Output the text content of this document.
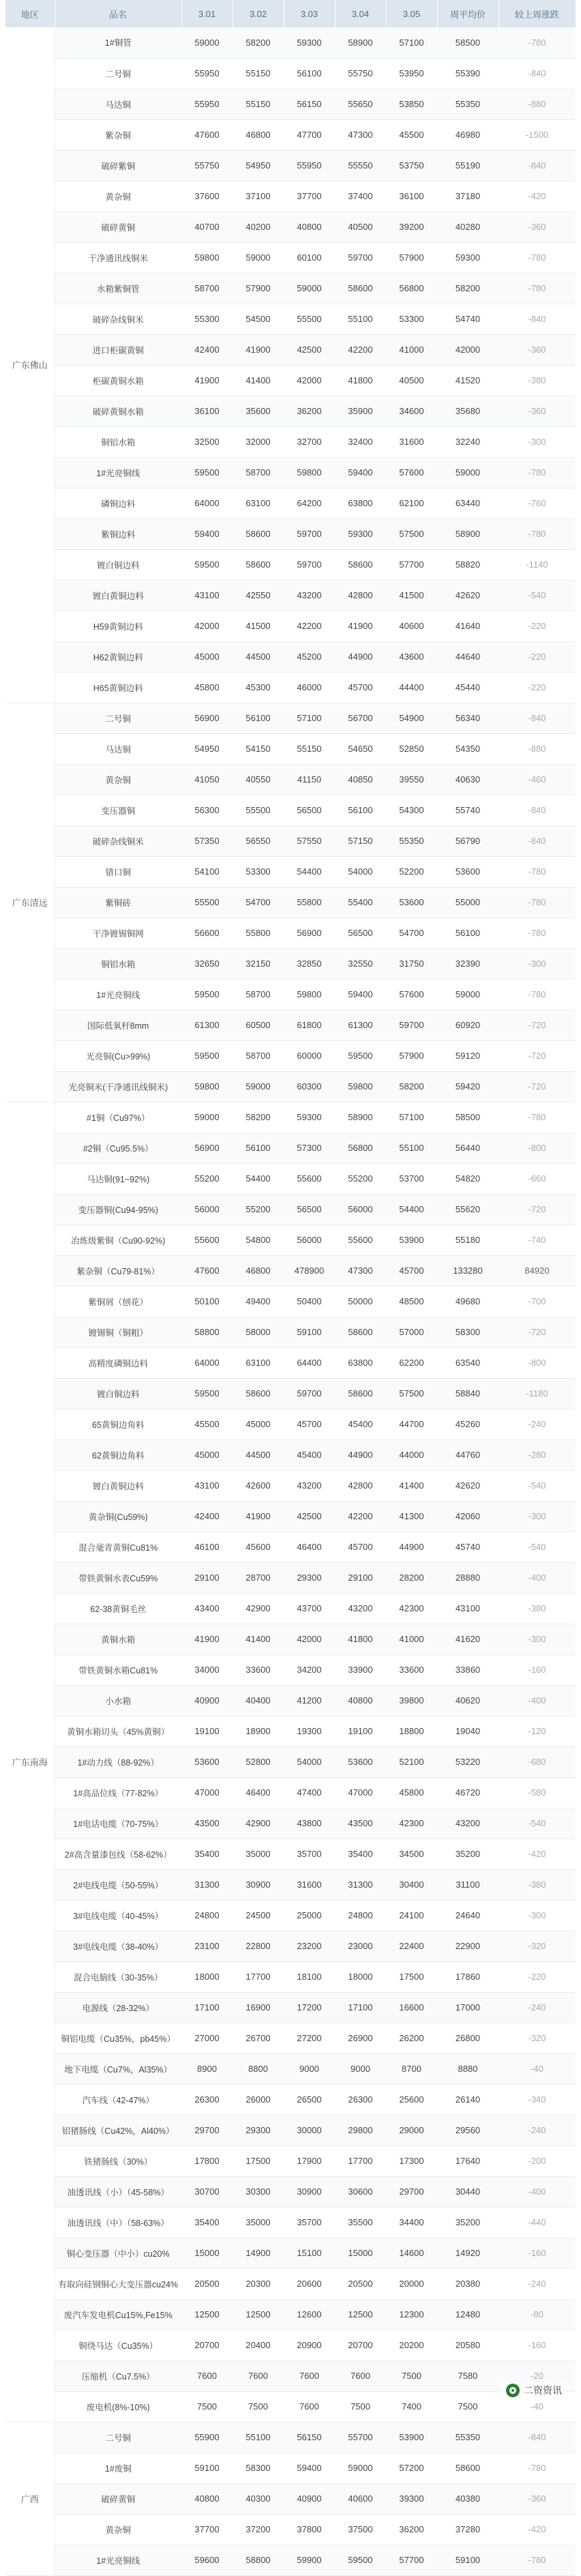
地区	品名	3.01	3.02	3.03	3.04	3.05	周平均价	较上周涨跌
广东佛山	1#铜管	59000	58200	59300	58900	57100	58500	-780
	二号铜	55950	55150	56100	55750	53950	55390	-840
	马达铜	55950	55150	56150	55650	53850	55350	-880
	紫杂铜	47600	46800	47700	47300	45500	46980	-1500
	破碎紫铜	55750	54950	55950	55550	53750	55190	-840
	黄杂铜	37600	37100	37700	37400	36100	37180	-420
	破碎黄铜	40700	40200	40800	40500	39200	40280	-360
	干净通讯线铜米	59800	59000	60100	59700	57900	59300	-780
	水箱紫铜管	58700	57900	59000	58600	56800	58200	-780
	破碎杂线铜米	55300	54500	55500	55100	53300	54740	-840
	进口柜碳黄铜	42400	41900	42500	42200	41000	42000	-360
	柜碳黄铜水箱	41900	41400	42000	41800	40500	41520	-380
	破碎黄铜水箱	36100	35600	36200	35900	34600	35680	-360
	铜铝水箱	32500	32000	32700	32400	31600	32240	-300
	1#光亮铜线	59500	58700	59800	59400	57600	59000	-780
	磷铜边料	64000	63100	64200	63800	62100	63440	-760
	紫铜边料	59400	58600	59700	59300	57500	58900	-780
	镀白铜边料	59500	58600	59700	58600	57700	58820	-1140
	镀白黄铜边料	43100	42550	43200	42800	41500	42620	-540
	H59黄铜边料	42000	41500	42200	41900	40600	41640	-220
	H62黄铜边料	45000	44500	45200	44900	43600	44640	-220
	H65黄铜边料	45800	45300	46000	45700	44400	45440	-220
广东清远	二号铜	56900	56100	57100	56700	54900	56340	-840
	马达铜	54950	54150	55150	54650	52850	54350	-880
	黄杂铜	41050	40550	41150	40850	39550	40630	-460
	变压器铜	56300	55500	56500	56100	54300	55740	-840
	破碎杂线铜米	57350	56550	57550	57150	55350	56790	-840
	错口铜	54100	53300	54400	54000	52200	53600	-780
	紫铜砖	55500	54700	55800	55400	53600	55000	-780
	干净镀锡铜网	56600	55800	56900	56500	54700	56100	-780
	铜铝水箱	32650	32150	32850	32550	31750	32390	-300
	1#光亮铜线	59500	58700	59800	59400	57600	59000	-780
	国际低氧杆8mm	61300	60500	61800	61300	59700	60920	-720
	光亮铜(Cu>99%)	59500	58700	60000	59500	57900	59120	-720
	光亮铜米(干净通讯线铜米)	59800	59000	60300	59800	58200	59420	-720
广东南海	#1铜（Cu97%）	59000	58200	59300	58900	57100	58500	-780
	#2铜（Cu95.5%）	56900	56100	57300	56800	55100	56440	-800
	马达铜(91~92%)	55200	54400	55600	55200	53700	54820	-660
	变压器铜(Cu94-95%)	56000	55200	56500	56000	54400	55620	-720
	冶炼级紫铜（Cu90-92%)	55600	54800	56000	55600	53900	55180	-740
	紫杂铜（Cu79-81%）	47600	46800	478900	47300	45700	133280	84920
	紫铜屑（刨花）	50100	49400	50400	50000	48500	49680	-700
	镀锡铜（铜粗）	58800	58000	59100	58600	57000	58300	-720
	高精度磷铜边料	64000	63100	64400	63800	62200	63540	-800
	镀白铜边料	59500	58600	59700	58600	57500	58840	-1180
	65黄铜边角料	45500	45000	45700	45400	44700	45260	-240
	62黄铜边角料	45000	44500	45400	44900	44000	44760	-280
	镀白黄铜边料	43100	42600	43200	42800	41400	42620	-540
	黄杂铜(Cu59%)	42400	41900	42500	42200	41300	42060	-300
	混合毫青黄铜Cu81%	46100	45600	46400	45700	44900	45740	-540
	带铁黄铜水表Cu59%	29100	28700	29300	29100	28200	28880	-400
	62-38黄铜毛丝	43400	42900	43700	43200	42300	43100	-380
	黄铜水箱	41900	41400	42000	41800	41000	41620	-300
	带铁黄铜水箱Cu81%	34000	33600	34200	33900	33600	33860	-160
	小水箱	40900	40400	41200	40800	39800	40620	-400
	黄铜水箱切头（45%黄铜）	19100	18900	19300	19100	18800	19040	-120
	1#动力线（88-92%）	53600	52800	54000	53600	52100	53220	-680
	1#高品位线（77-82%）	47000	46400	47400	47000	45800	46720	-580
	1#电话电缆（70-75%）	43500	42900	43800	43500	42300	43200	-540
	2#高含量漆包线（58-62%）	35400	35000	35700	35400	34500	35200	-420
	2#电线电缆（50-55%）	31300	30900	31600	31300	30400	31100	-380
	3#电线电缆（40-45%）	24800	24500	25000	24800	24100	24640	-300
	3#电线电缆（38-40%）	23100	22800	23200	23000	22400	22900	-320
	混合电脑线（30-35%）	18000	17700	18100	18000	17500	17860	-220
	电源线（28-32%）	17100	16900	17200	17100	16600	17000	-240
	铜铝电缆（Cu35%，pb45%）	27000	26700	27200	26900	26200	26800	-320
	地下电缆（Cu7%，Al35%）	8900	8800	9000	9000	8700	8880	-40
	汽车线（42-47%）	26300	26000	26500	26300	25600	26140	-340
	铝猪肠线（Cu42%，Al40%）	29700	29300	30000	29800	29000	29560	-240
	铁猪肠线（30%）	17800	17500	17900	17700	17300	17640	-200
	油透讯线（小）（45-58%）	30700	30300	30900	30600	29700	30440	-400
	油透讯线（中）（58-63%）	35400	35000	35700	35500	34400	35200	-440
	铜心变压器（中小）cu20%	15000	14900	15100	15000	14600	14920	-160
	有取向硅钢铜心大变压器cu24%	20500	20300	20600	20500	20000	20380	-240
	废汽车发电机Cu15%,Fe15%	12500	12500	12600	12500	12300	12480	-80
	铜绕马达（Cu35%）	20700	20400	20900	20700	20200	20580	-160
	压缩机（Cu7.5%）	7600	7600	7600	7600	7500	7580	-20
	废电机(8%-10%)	7500	7500	7600	7500	7400	7500	-40
广西	二号铜	55900	55100	56150	55700	53900	55350	-840
	1#废铜	59100	58300	59400	59000	57200	58600	-780
	破碎黄铜	40800	40300	40900	40600	39300	40380	-360
	黄杂铜	37700	37200	37800	37500	36200	37280	-420
	1#光亮铜线	59600	58800	59900	59500	57700	59100	-780
二资资讯
